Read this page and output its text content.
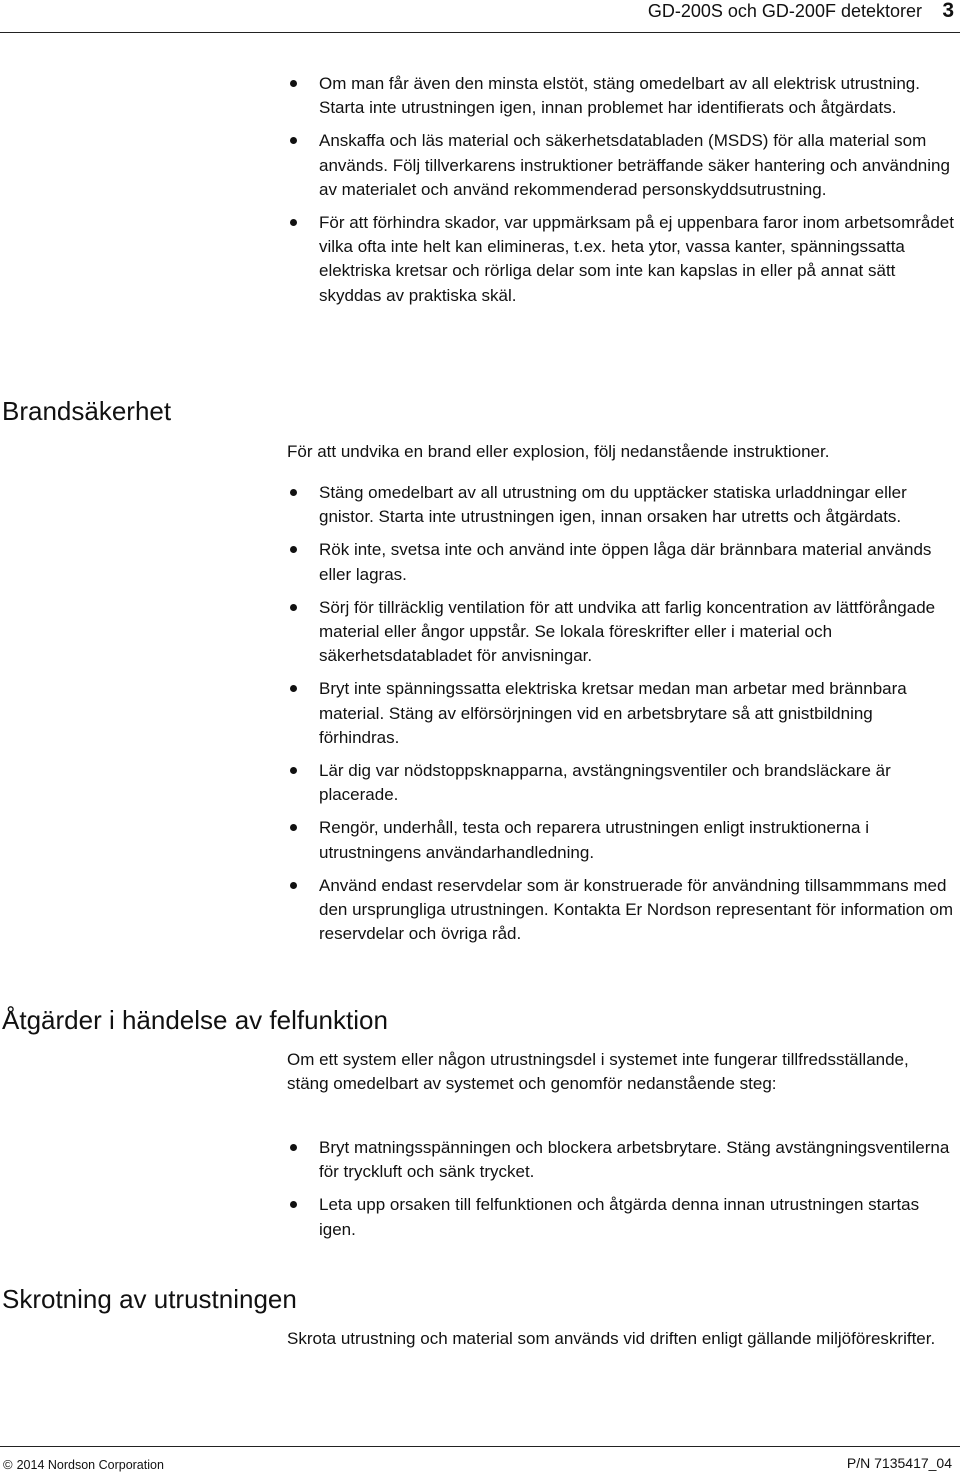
GD-200S och GD-200F detektorer 3
Om man får även den minsta elstöt, stäng omedelbart av all elektrisk utrustning. Starta inte utrustningen igen, innan problemet har identifierats och åtgärdats.
Anskaffa och läs material och säkerhetsdatabladen (MSDS) för alla material som används. Följ tillverkarens instruktioner beträffande säker hantering och användning av materialet och använd rekommenderad personskyddsutrustning.
För att förhindra skador, var uppmärksam på ej uppenbara faror inom arbetsområdet vilka ofta inte helt kan elimineras, t.ex. heta ytor, vassa kanter, spänningssatta elektriska kretsar och rörliga delar som inte kan kapslas in eller på annat sätt skyddas av praktiska skäl.
Brandsäkerhet

För att undvika en brand eller explosion, följ nedanstående instruktioner.

Stäng omedelbart av all utrustning om du upptäcker statiska urladdningar eller gnistor. Starta inte utrustningen igen, innan orsaken har utretts och åtgärdats.
Rök inte, svetsa inte och använd inte öppen låga där brännbara material används eller lagras.
Sörj för tillräcklig ventilation för att undvika att farlig koncentration av lättförångade material eller ångor uppstår. Se lokala föreskrifter eller i material och säkerhetsdatabladet för anvisningar.
Bryt inte spänningssatta elektriska kretsar medan man arbetar med brännbara material. Stäng av elförsörjningen vid en arbetsbrytare så att gnistbildning förhindras.
Lär dig var nödstoppsknapparna, avstängningsventiler och brandsläckare är placerade.
Rengör, underhåll, testa och reparera utrustningen enligt instruktionerna i utrustningens användarhandledning.
Använd endast reservdelar som är konstruerade för användning tillsammmans med den ursprungliga utrustningen. Kontakta Er Nordson representant för information om reservdelar och övriga råd.
Åtgärder i händelse av felfunktion

Om ett system eller någon utrustningsdel i systemet inte fungerar tillfredsställande, stäng omedelbart av systemet och genomför nedanstående steg:

Bryt matningsspänningen och blockera arbetsbrytare. Stäng avstängningsventilerna för tryckluft och sänk trycket.
Leta upp orsaken till felfunktionen och åtgärda denna innan utrustningen startas igen.
Skrotning av utrustningen

Skrota utrustning och material som används vid driften enligt gällande miljöföreskrifter.

© 2014 Nordson Corporation	P/N 7135417_04
